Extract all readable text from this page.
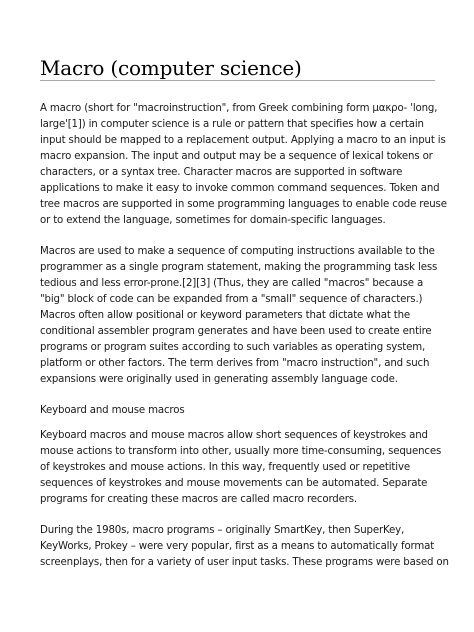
Macro (computer science)

A macro (short for "macroinstruction", from Greek combining form μακρο- 'long,
large'[1]) in computer science is a rule or pattern that specifies how a certain
input should be mapped to a replacement output. Applying a macro to an input is
macro expansion. The input and output may be a sequence of lexical tokens or
characters, or a syntax tree. Character macros are supported in software
applications to make it easy to invoke common command sequences. Token and
tree macros are supported in some programming languages to enable code reuse
or to extend the language, sometimes for domain-specific languages.

Macros are used to make a sequence of computing instructions available to the
programmer as a single program statement, making the programming task less
tedious and less error-prone.[2][3] (Thus, they are called "macros" because a
"big" block of code can be expanded from a "small" sequence of characters.)
Macros often allow positional or keyword parameters that dictate what the
conditional assembler program generates and have been used to create entire
programs or program suites according to such variables as operating system,
platform or other factors. The term derives from "macro instruction", and such
expansions were originally used in generating assembly language code.

Keyboard and mouse macros

Keyboard macros and mouse macros allow short sequences of keystrokes and
mouse actions to transform into other, usually more time-consuming, sequences
of keystrokes and mouse actions. In this way, frequently used or repetitive
sequences of keystrokes and mouse movements can be automated. Separate
programs for creating these macros are called macro recorders.

During the 1980s, macro programs – originally SmartKey, then SuperKey,
KeyWorks, Prokey – were very popular, first as a means to automatically format
screenplays, then for a variety of user input tasks. These programs were based on
